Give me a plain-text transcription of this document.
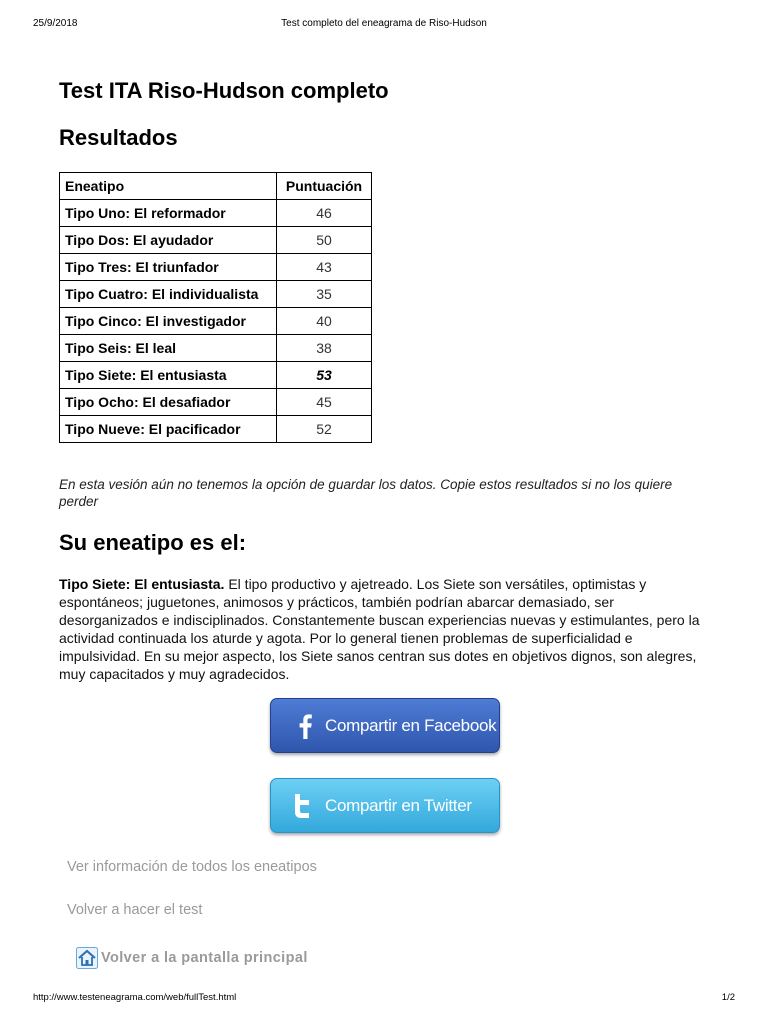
25/9/2018	Test completo del eneagrama de Riso-Hudson
Test ITA Riso-Hudson completo
Resultados
Eneatipo	Puntuación
Tipo Uno: El reformador	46
Tipo Dos: El ayudador	50
Tipo Tres: El triunfador	43
Tipo Cuatro: El individualista	35
Tipo Cinco: El investigador	40
Tipo Seis: El leal	38
Tipo Siete: El entusiasta	53
Tipo Ocho: El desafiador	45
Tipo Nueve: El pacificador	52

En esta vesión aún no tenemos la opción de guardar los datos. Copie estos resultados si no los quiere perder

Su eneatipo es el:

Tipo Siete: El entusiasta. El tipo productivo y ajetreado. Los Siete son versátiles, optimistas y espontáneos; juguetones, animosos y prácticos, también podrían abarcar demasiado, ser desorganizados e indisciplinados. Constantemente buscan experiencias nuevas y estimulantes, pero la actividad continuada los aturde y agota. Por lo general tienen problemas de superficialidad e impulsividad. En su mejor aspecto, los Siete sanos centran sus dotes en objetivos dignos, son alegres, muy capacitados y muy agradecidos.

Compartir en Facebook
Compartir en Twitter
Ver información de todos los eneatipos
Volver a hacer el test
Volver a la pantalla principal
http://www.testeneagrama.com/web/fullTest.html	1/2
